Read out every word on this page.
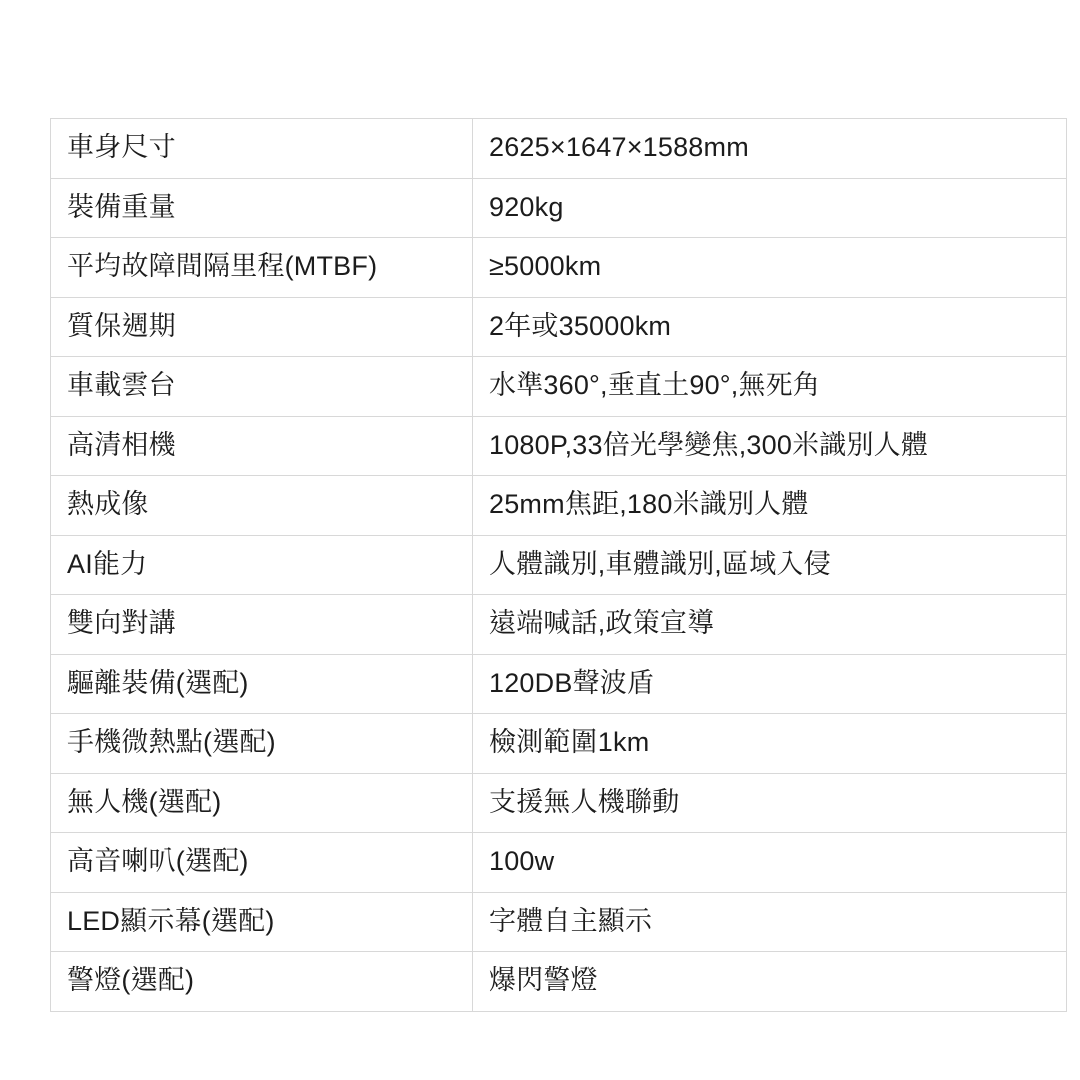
車身尺寸	2625×1647×1588mm
裝備重量	920kg
平均故障間隔里程(MTBF)	≥5000km
質保週期	2年或35000km
車載雲台	水準360°,垂直土90°,無死角
高清相機	1080P,33倍光學變焦,300米識別人體
熱成像	25mm焦距,180米識別人體
AI能力	人體識別,車體識別,區域入侵
雙向對講	遠端喊話,政策宣導
驅離裝備(選配)	120DB聲波盾
手機微熱點(選配)	檢測範圍1km
無人機(選配)	支援無人機聯動
高音喇叭(選配)	100w
LED顯示幕(選配)	字體自主顯示
警燈(選配)	爆閃警燈
